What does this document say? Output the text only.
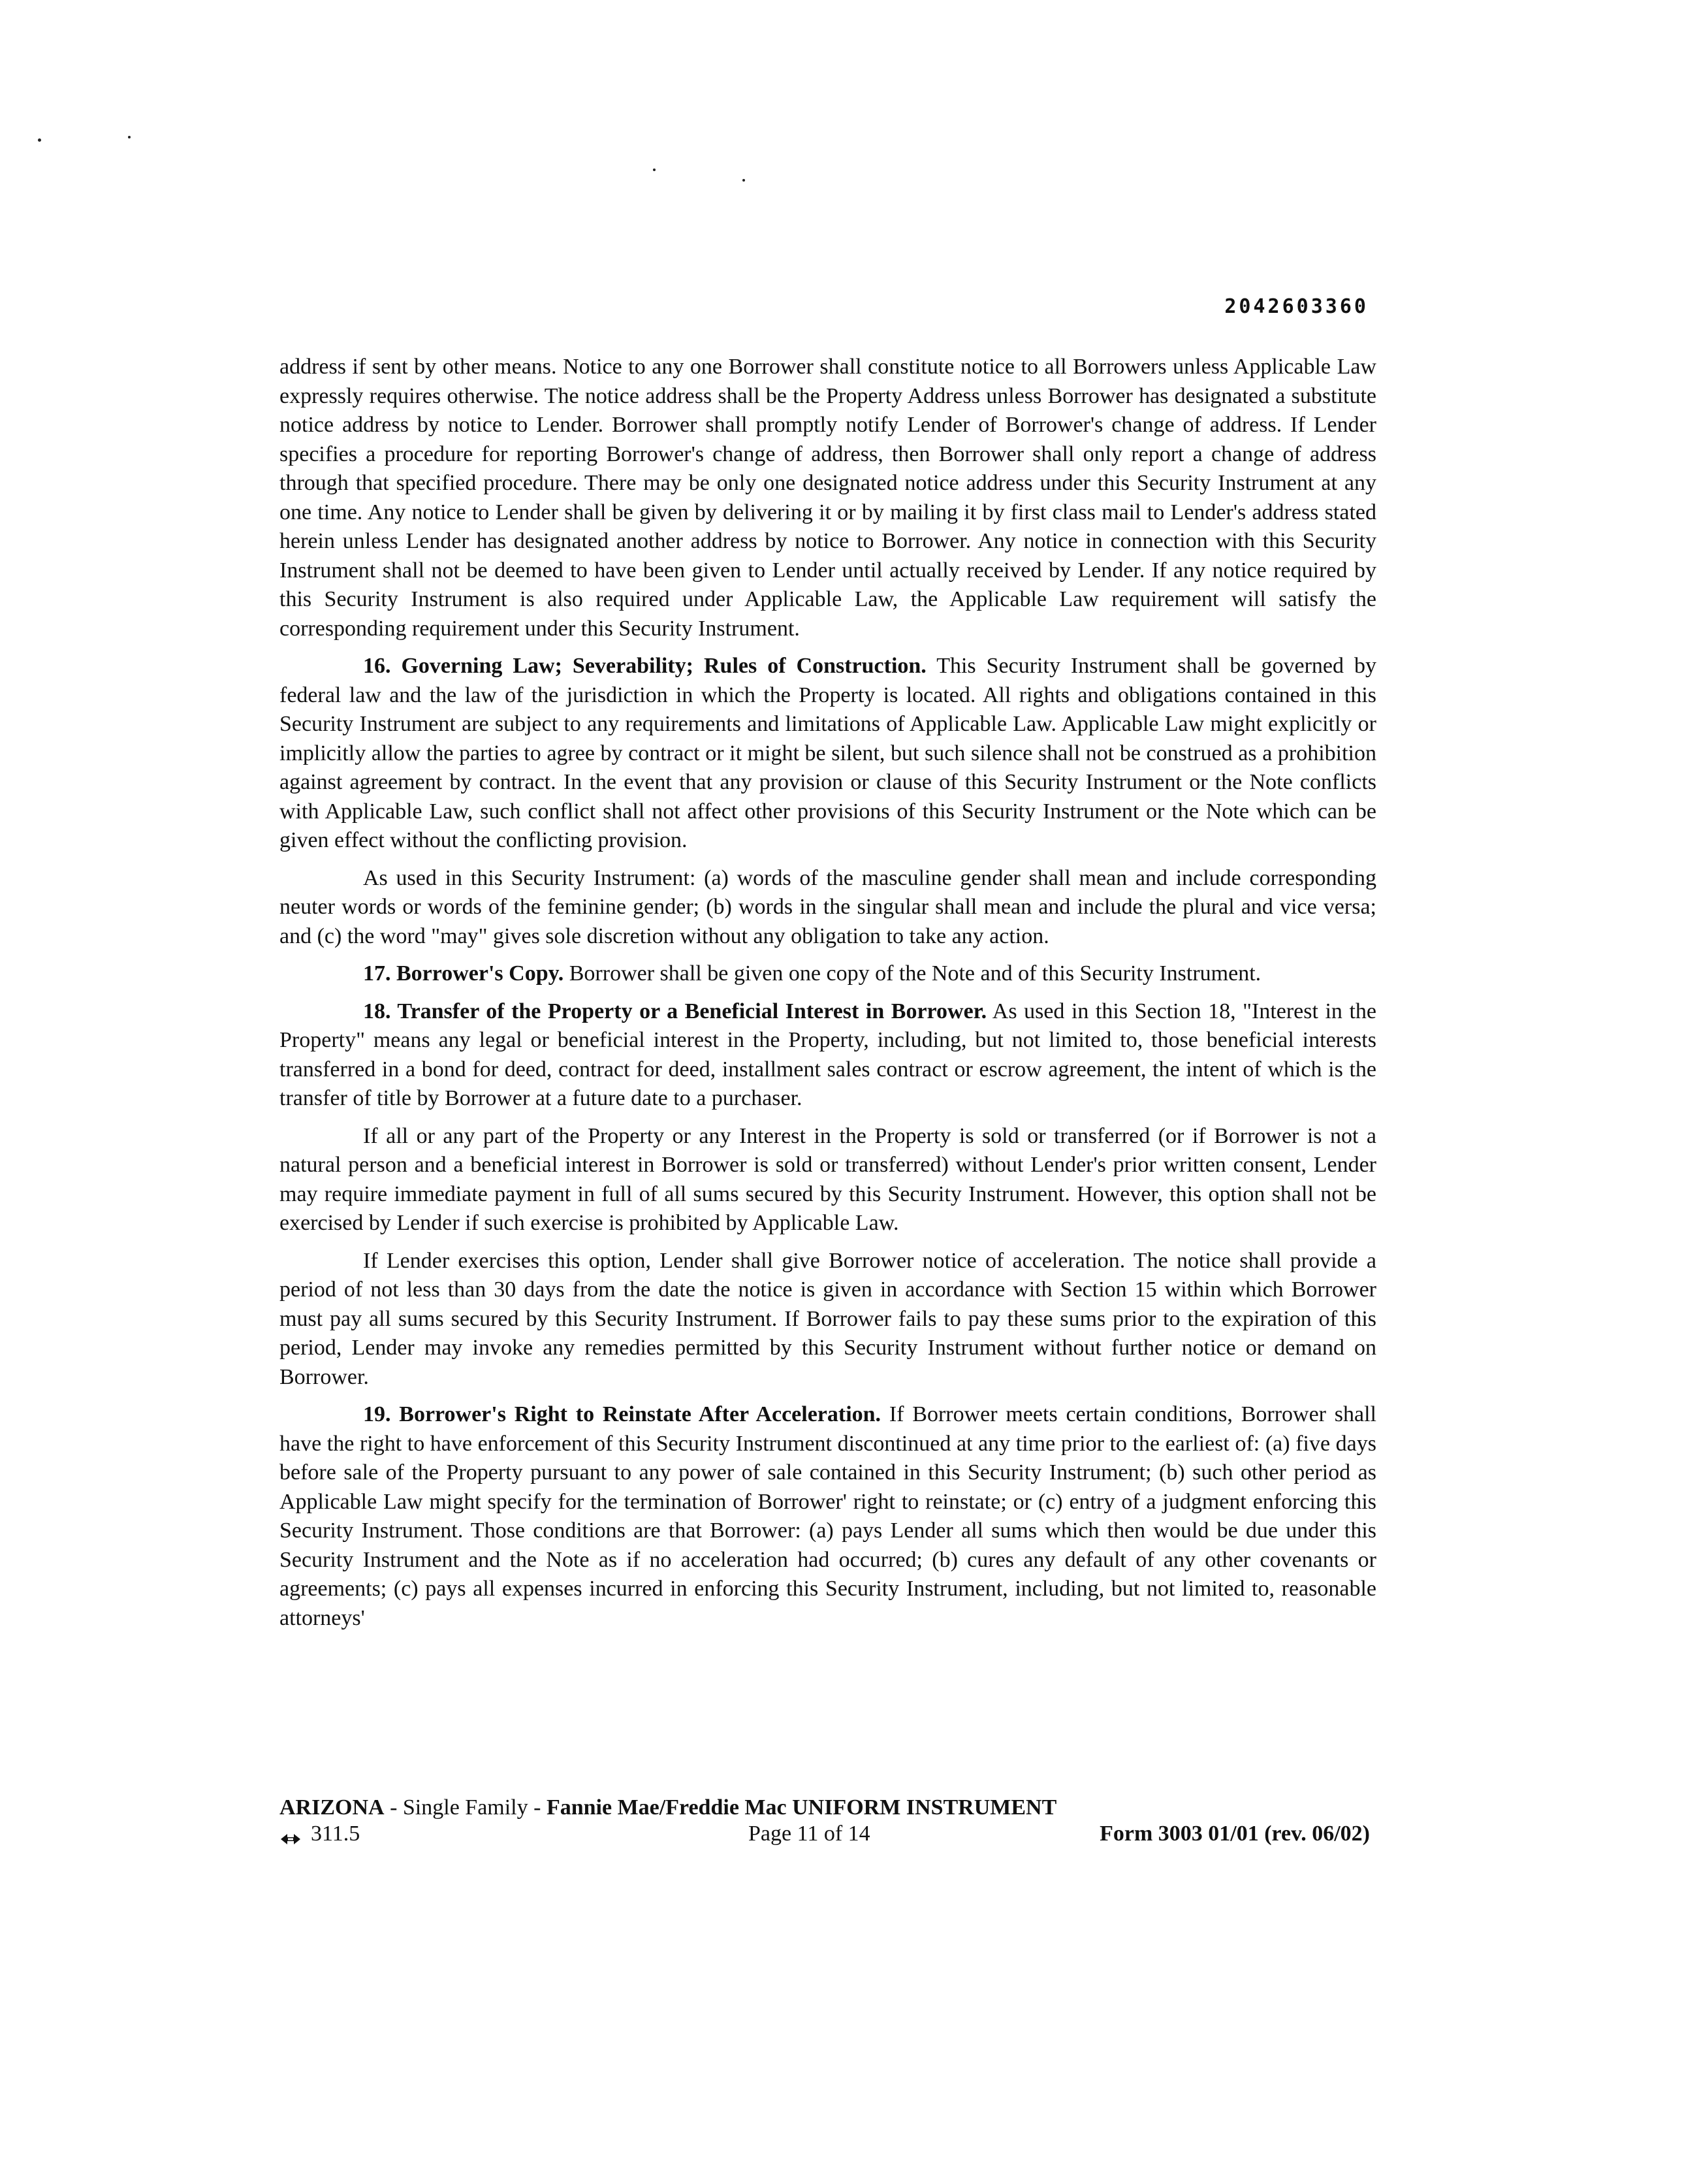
2042603360

address if sent by other means. Notice to any one Borrower shall constitute notice to all Borrowers unless Applicable Law expressly requires otherwise. The notice address shall be the Property Address unless Borrower has designated a substitute notice address by notice to Lender. Borrower shall promptly notify Lender of Borrower's change of address. If Lender specifies a procedure for reporting Borrower's change of address, then Borrower shall only report a change of address through that specified procedure. There may be only one designated notice address under this Security Instrument at any one time. Any notice to Lender shall be given by delivering it or by mailing it by first class mail to Lender's address stated herein unless Lender has designated another address by notice to Borrower. Any notice in connection with this Security Instrument shall not be deemed to have been given to Lender until actually received by Lender. If any notice required by this Security Instrument is also required under Applicable Law, the Applicable Law requirement will satisfy the corresponding requirement under this Security Instrument.

16. Governing Law; Severability; Rules of Construction. This Security Instrument shall be governed by federal law and the law of the jurisdiction in which the Property is located. All rights and obligations contained in this Security Instrument are subject to any requirements and limitations of Applicable Law. Applicable Law might explicitly or implicitly allow the parties to agree by contract or it might be silent, but such silence shall not be construed as a prohibition against agreement by contract. In the event that any provision or clause of this Security Instrument or the Note conflicts with Applicable Law, such conflict shall not affect other provisions of this Security Instrument or the Note which can be given effect without the conflicting provision.

As used in this Security Instrument: (a) words of the masculine gender shall mean and include corresponding neuter words or words of the feminine gender; (b) words in the singular shall mean and include the plural and vice versa; and (c) the word "may" gives sole discretion without any obligation to take any action.

17. Borrower's Copy. Borrower shall be given one copy of the Note and of this Security Instrument.

18. Transfer of the Property or a Beneficial Interest in Borrower. As used in this Section 18, "Interest in the Property" means any legal or beneficial interest in the Property, including, but not limited to, those beneficial interests transferred in a bond for deed, contract for deed, installment sales contract or escrow agreement, the intent of which is the transfer of title by Borrower at a future date to a purchaser.

If all or any part of the Property or any Interest in the Property is sold or transferred (or if Borrower is not a natural person and a beneficial interest in Borrower is sold or transferred) without Lender's prior written consent, Lender may require immediate payment in full of all sums secured by this Security Instrument. However, this option shall not be exercised by Lender if such exercise is prohibited by Applicable Law.

If Lender exercises this option, Lender shall give Borrower notice of acceleration. The notice shall provide a period of not less than 30 days from the date the notice is given in accordance with Section 15 within which Borrower must pay all sums secured by this Security Instrument. If Borrower fails to pay these sums prior to the expiration of this period, Lender may invoke any remedies permitted by this Security Instrument without further notice or demand on Borrower.

19. Borrower's Right to Reinstate After Acceleration. If Borrower meets certain conditions, Borrower shall have the right to have enforcement of this Security Instrument discontinued at any time prior to the earliest of: (a) five days before sale of the Property pursuant to any power of sale contained in this Security Instrument; (b) such other period as Applicable Law might specify for the termination of Borrower' right to reinstate; or (c) entry of a judgment enforcing this Security Instrument. Those conditions are that Borrower: (a) pays Lender all sums which then would be due under this Security Instrument and the Note as if no acceleration had occurred; (b) cures any default of any other covenants or agreements; (c) pays all expenses incurred in enforcing this Security Instrument, including, but not limited to, reasonable attorneys'

ARIZONA - Single Family - Fannie Mae/Freddie Mac UNIFORM INSTRUMENT
311.5	Page 11 of 14	Form 3003 01/01 (rev. 06/02)
